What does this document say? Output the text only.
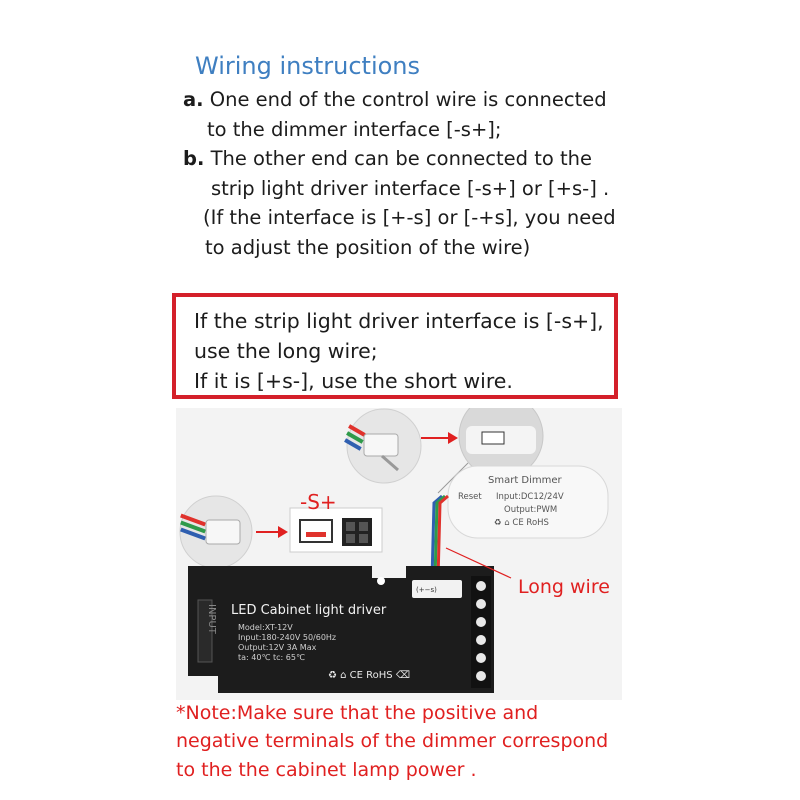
Wiring instructions
a. One end of the control wire is connected
to the dimmer interface [-s+];
b. The other end can be connected to the
strip light driver interface [-s+] or [+s-] .
(If the interface is [+-s] or [-+s], you need
to adjust the position of the wire)
If the strip light driver interface is [-s+],
use the long wire;
If it is [+s-], use the short wire.
Smart Dimmer
Reset Input:DC12/24V
Output:PWM
♻ ⌂ CE RoHS
INPUT LED Cabinet light driver
Model:XT-12V
Input:180-240V 50/60Hz
Output:12V 3A Max
ta: 40℃ tc: 65℃
♻ ⌂ CE RoHS ⌫
(+−s)
-S+
Long wire
*Note:Make sure that the positive and
negative terminals of the dimmer correspond
to the the cabinet lamp power .
